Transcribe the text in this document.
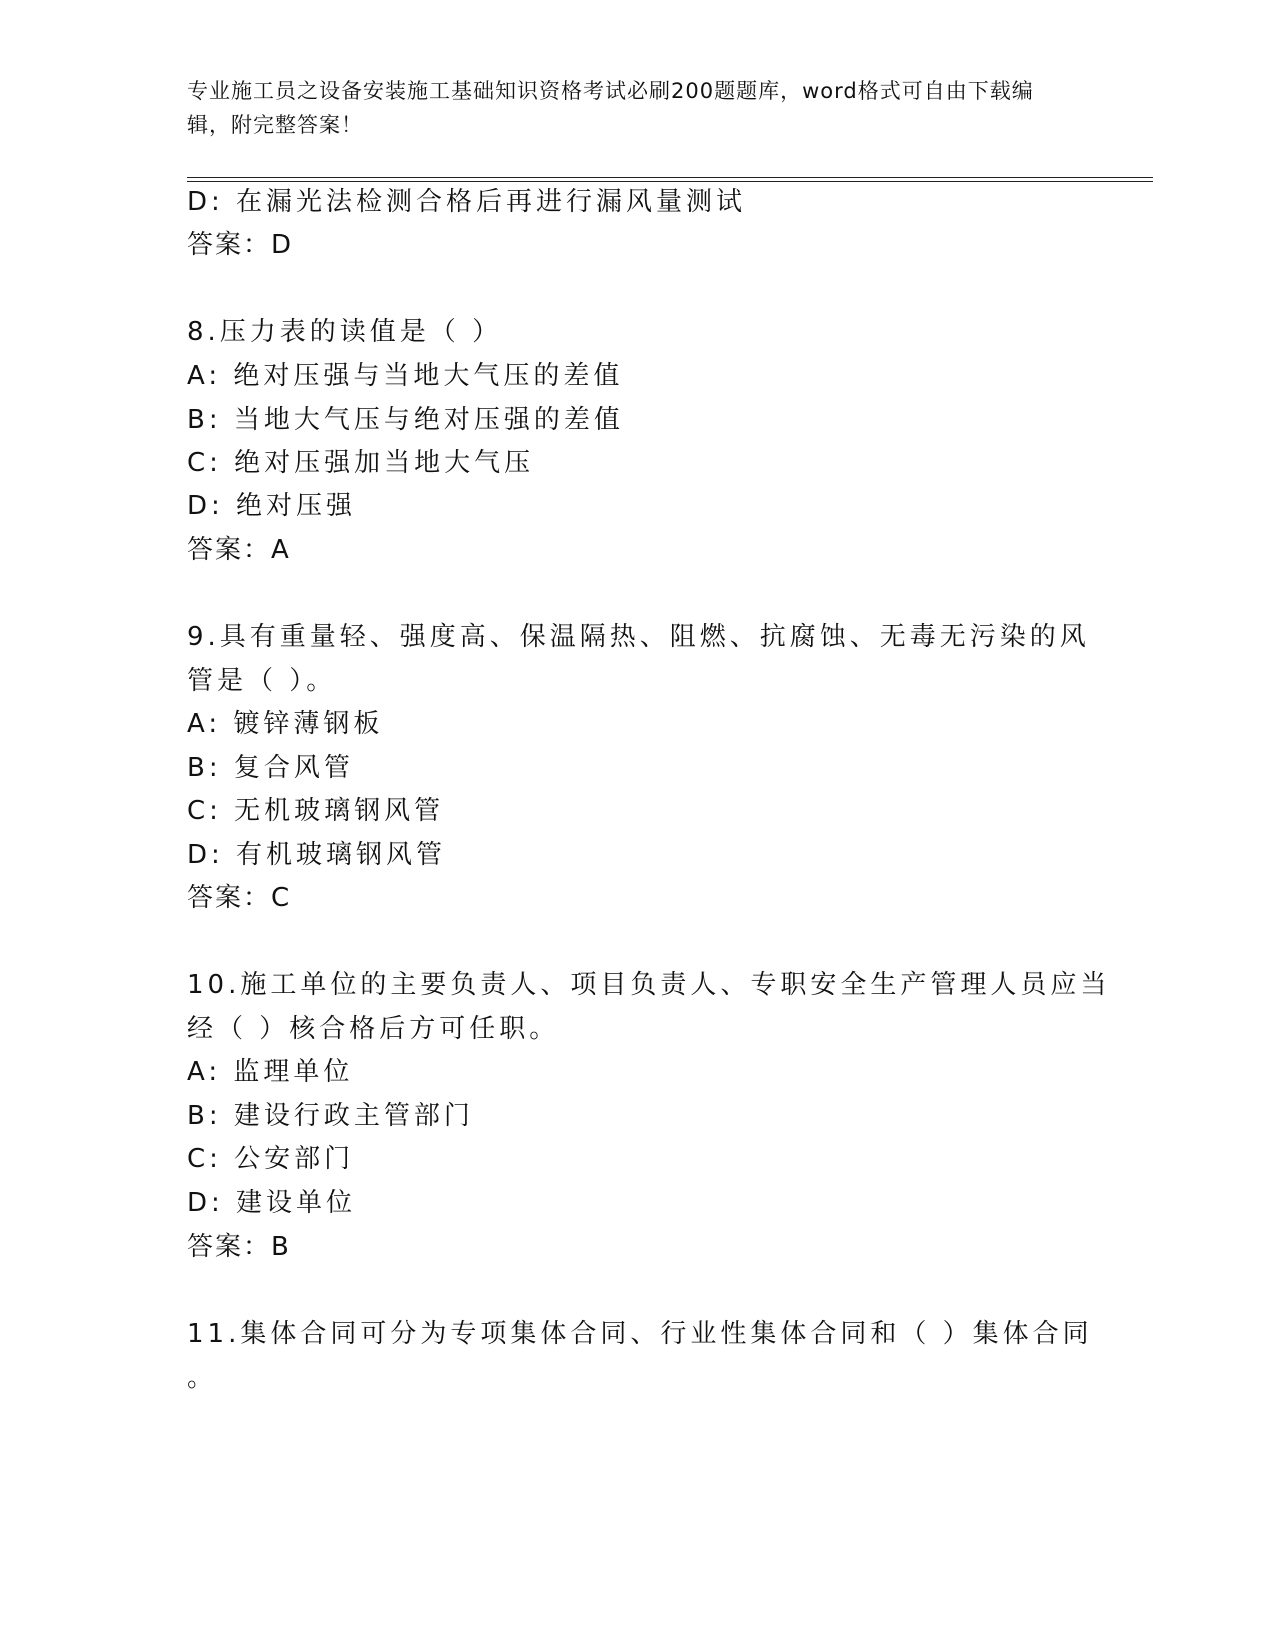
专业施工员之设备安装施工基础知识资格考试必刷200题题库，word格式可自由下载编辑，附完整答案！
D: 在漏光法检测合格后再进行漏风量测试
答案：D
8.压力表的读值是（ ）
A: 绝对压强与当地大气压的差值
B: 当地大气压与绝对压强的差值
C: 绝对压强加当地大气压
D: 绝对压强
答案：A
9.具有重量轻、强度高、保温隔热、阻燃、抗腐蚀、无毒无污染的风
管是（ ）。
A: 镀锌薄钢板
B: 复合风管
C: 无机玻璃钢风管
D: 有机玻璃钢风管
答案：C
10.施工单位的主要负责人、项目负责人、专职安全生产管理人员应当
经（ ）核合格后方可任职。
A: 监理单位
B: 建设行政主管部门
C: 公安部门
D: 建设单位
答案：B
11.集体合同可分为专项集体合同、行业性集体合同和（ ）集体合同
。
